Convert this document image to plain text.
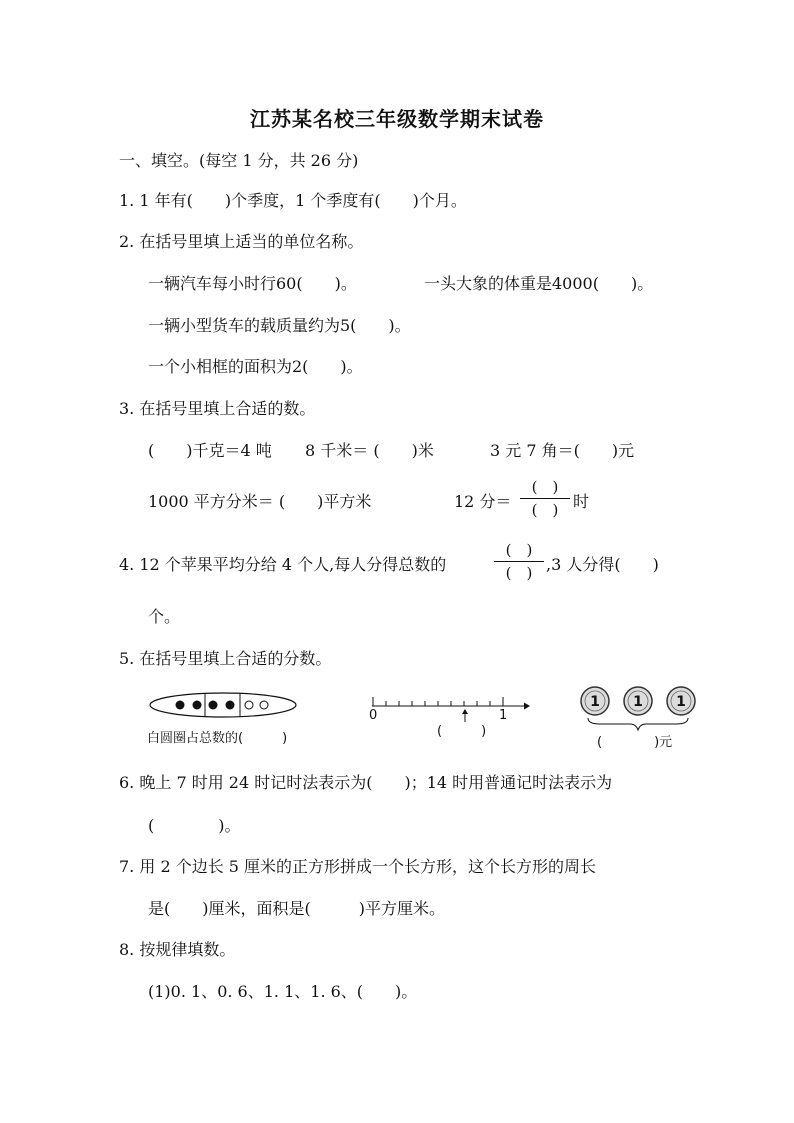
江苏某名校三年级数学期末试卷
一、填空。(每空 1 分，共 26 分)
1. 1 年有(　　)个季度，1 个季度有(　　)个月。
2. 在括号里填上适当的单位名称。
一辆汽车每小时行60(　　)。	一头大象的体重是4000(　　)。
一辆小型货车的载质量约为5(　　)。
一个小相框的面积为2(　　)。
3. 在括号里填上合适的数。
(　　)千克＝4 吨 8 千米＝ (　　)米	3 元 7 角＝(　　)元
1000 平方分米＝ (　　)平方米	12 分＝
(　)
(　) 时
4. 12 个苹果平均分给 4 个人,每人分得总数的
(　)
(　) ,3 人分得(　　)
个。
5. 在括号里填上合适的分数。
白圆圈占总数的(　　　)
0	1
(　　　)
1 1 1
(　　　　)元
6. 晚上 7 时用 24 时记时法表示为(　　)；14 时用普通记时法表示为
(　　　　)。
7. 用 2 个边长 5 厘米的正方形拼成一个长方形，这个长方形的周长
是(　　)厘米，面积是(　　　)平方厘米。
8. 按规律填数。
(1)0. 1、0. 6、1. 1、1. 6、(　　)。
